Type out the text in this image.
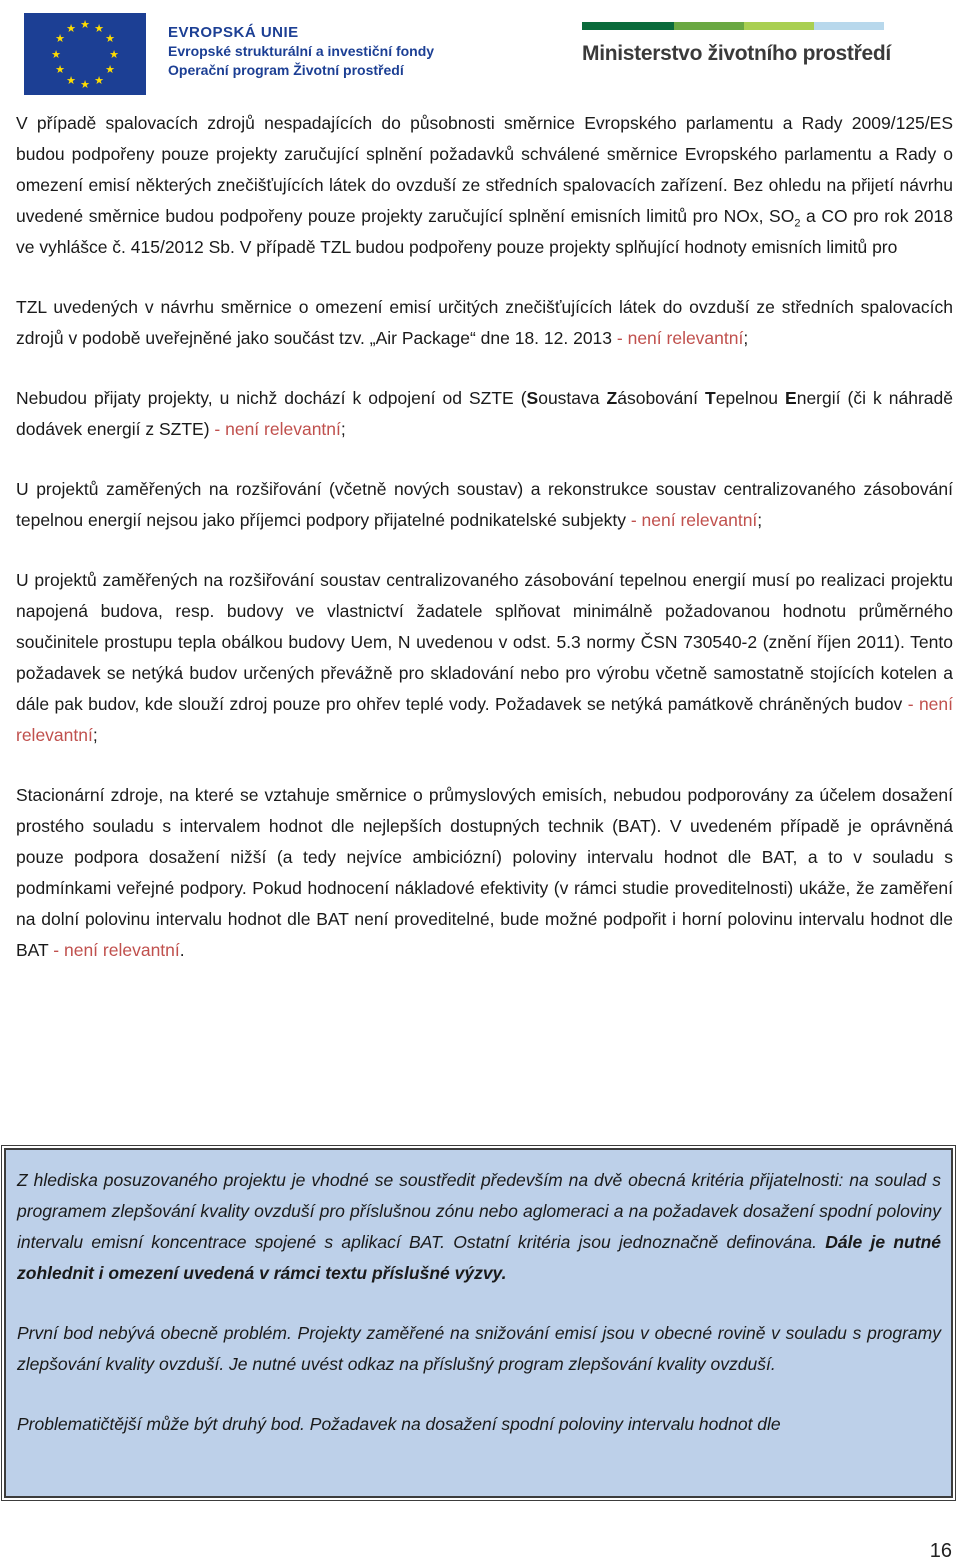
★ ★
★
★
★
★
★
★
★
★
★
★	EVROPSKÁ UNIE
Evropské strukturální a investiční fondy
Operační program Životní prostředí
Ministerstvo životního prostředí

V případě spalovacích zdrojů nespadajících do působnosti směrnice Evropského parlamentu a Rady 2009/125/ES budou podpořeny pouze projekty zaručující splnění požadavků schválené směrnice Evropského parlamentu a Rady o omezení emisí některých znečišťujících látek do ovzduší ze středních spalovacích zařízení. Bez ohledu na přijetí návrhu uvedené směrnice budou podpořeny pouze projekty zaručující splnění emisních limitů pro NOx, $SO_2$ a CO pro rok 2018 ve vyhlášce č. 415/2012 Sb. V případě TZL budou podpořeny pouze projekty splňující hodnoty emisních limitů pro

TZL uvedených v návrhu směrnice o omezení emisí určitých znečišťujících látek do ovzduší ze středních spalovacích zdrojů v podobě uveřejněné jako součást tzv. „Air Package“ dne 18. 12. 2013 - není relevantní;

Nebudou přijaty projekty, u nichž dochází k odpojení od SZTE (Soustava Zásobování Tepelnou Energií (či k náhradě dodávek energií z SZTE) - není relevantní;

U projektů zaměřených na rozšiřování (včetně nových soustav) a rekonstrukce soustav centralizovaného zásobování tepelnou energií nejsou jako příjemci podpory přijatelné podnikatelské subjekty - není relevantní;

U projektů zaměřených na rozšiřování soustav centralizovaného zásobování tepelnou energií musí po realizaci projektu napojená budova, resp. budovy ve vlastnictví žadatele splňovat minimálně požadovanou hodnotu průměrného součinitele prostupu tepla obálkou budovy Uem, N uvedenou v odst. 5.3 normy ČSN 730540-2 (znění říjen 2011). Tento požadavek se netýká budov určených převážně pro skladování nebo pro výrobu včetně samostatně stojících kotelen a dále pak budov, kde slouží zdroj pouze pro ohřev teplé vody. Požadavek se netýká památkově chráněných budov - není relevantní;

Stacionární zdroje, na které se vztahuje směrnice o průmyslových emisích, nebudou podporovány za účelem dosažení prostého souladu s intervalem hodnot dle nejlepších dostupných technik (BAT). V uvedeném případě je oprávněná pouze podpora dosažení nižší (a tedy nejvíce ambiciózní) poloviny intervalu hodnot dle BAT, a to v souladu s podmínkami veřejné podpory. Pokud hodnocení nákladové efektivity (v rámci studie proveditelnosti) ukáže, že zaměření na dolní polovinu intervalu hodnot dle BAT není proveditelné, bude možné podpořit i horní polovinu intervalu hodnot dle BAT - není relevantní.

Z hlediska posuzovaného projektu je vhodné se soustředit především na dvě obecná kritéria přijatelnosti: na soulad s programem zlepšování kvality ovzduší pro příslušnou zónu nebo aglomeraci a na požadavek dosažení spodní poloviny intervalu emisní koncentrace spojené s aplikací BAT. Ostatní kritéria jsou jednoznačně definována. Dále je nutné zohlednit i omezení uvedená v rámci textu příslušné výzvy.

První bod nebývá obecně problém. Projekty zaměřené na snižování emisí jsou v obecné rovině v souladu s programy zlepšování kvality ovzduší. Je nutné uvést odkaz na příslušný program zlepšování kvality ovzduší.

Problematičtější může být druhý bod. Požadavek na dosažení spodní poloviny intervalu hodnot dle

16
